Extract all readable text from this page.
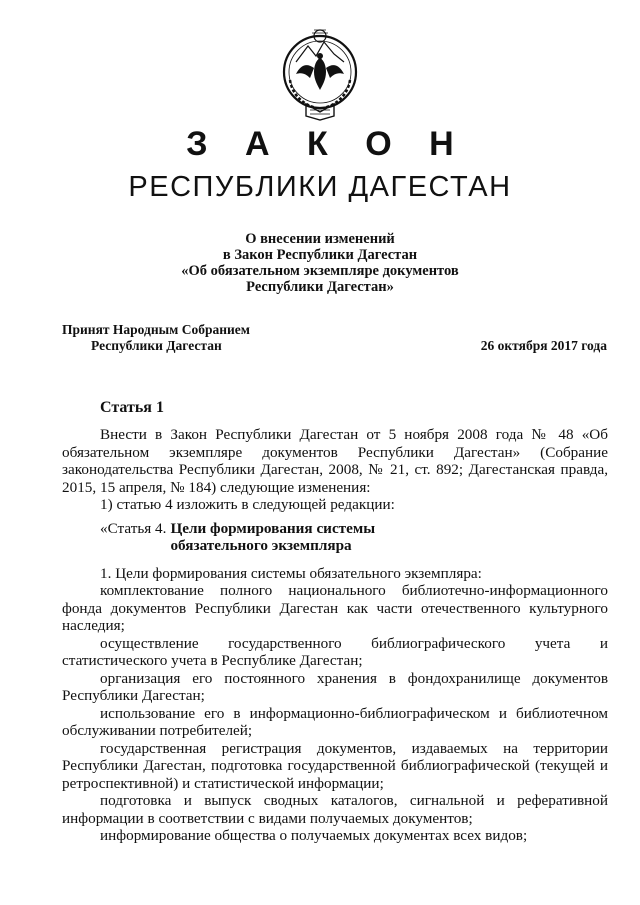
З А К О Н
РЕСПУБЛИКИ ДАГЕСТАН
О внесении изменений
в Закон Республики Дагестан
«Об обязательном экземпляре документов
Республики Дагестан»
Принят Народным Собранием
Республики Дагестан	26 октября 2017 года
Статья 1

Внести в Закон Республики Дагестан от 5 ноября 2008 года № 48 «Об обязательном экземпляре документов Республики Дагестан» (Собрание законодательства Республики Дагестан, 2008, № 21, ст. 892; Дагестанская правда, 2015, 15 апреля, № 184) следующие изменения:

1) статью 4 изложить в следующей редакции:

«Статья 4. Цели формирования системы
обязательного экземпляра

1. Цели формирования системы обязательного экземпляра:

комплектование полного национального библиотечно-информационного фонда документов Республики Дагестан как части отечественного культурного наследия;

осуществление государственного библиографического учета и статистического учета в Республике Дагестан;

организация его постоянного хранения в фондохранилище документов Республики Дагестан;

использование его в информационно-библиографическом и библиотечном обслуживании потребителей;

государственная регистрация документов, издаваемых на территории Республики Дагестан, подготовка государственной библиографической (текущей и ретроспективной) и статистической информации;

подготовка и выпуск сводных каталогов, сигнальной и реферативной информации в соответствии с видами получаемых документов;

информирование общества о получаемых документах всех видов;
